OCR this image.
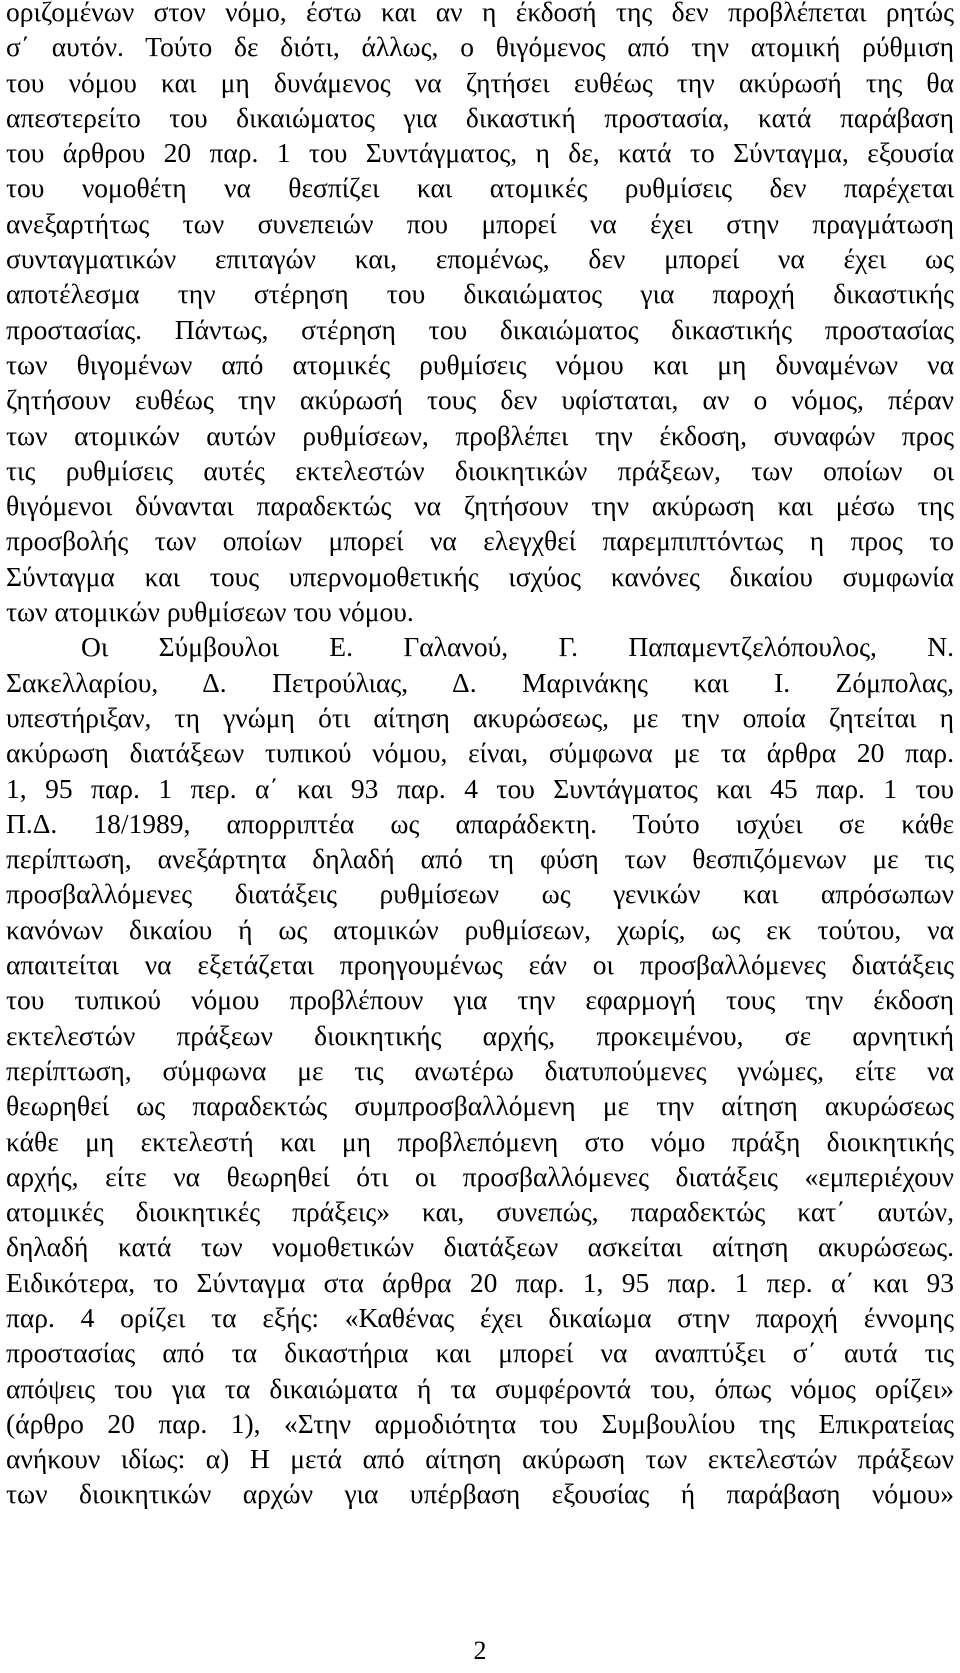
οριζομένων στον νόμο, έστω και αν η έκδοσή της δεν προβλέπεται ρητώς
σ΄ αυτόν. Τούτο δε διότι, άλλως, ο θιγόμενος από την ατομική ρύθμιση
του νόμου και μη δυνάμενος να ζητήσει ευθέως την ακύρωσή της θα
απεστερείτο του δικαιώματος για δικαστική προστασία, κατά παράβαση
του άρθρου 20 παρ. 1 του Συντάγματος, η δε, κατά το Σύνταγμα, εξουσία
του νομοθέτη να θεσπίζει και ατομικές ρυθμίσεις δεν παρέχεται
ανεξαρτήτως των συνεπειών που μπορεί να έχει στην πραγμάτωση
συνταγματικών επιταγών και, επομένως, δεν μπορεί να έχει ως
αποτέλεσμα την στέρηση του δικαιώματος για παροχή δικαστικής
προστασίας. Πάντως, στέρηση του δικαιώματος δικαστικής προστασίας
των θιγομένων από ατομικές ρυθμίσεις νόμου και μη δυναμένων να
ζητήσουν ευθέως την ακύρωσή τους δεν υφίσταται, αν ο νόμος, πέραν
των ατομικών αυτών ρυθμίσεων, προβλέπει την έκδοση, συναφών προς
τις ρυθμίσεις αυτές εκτελεστών διοικητικών πράξεων, των οποίων οι
θιγόμενοι δύνανται παραδεκτώς να ζητήσουν την ακύρωση και μέσω της
προσβολής των οποίων μπορεί να ελεγχθεί παρεμπιπτόντως η προς το
Σύνταγμα και τους υπερνομοθετικής ισχύος κανόνες δικαίου συμφωνία
των ατομικών ρυθμίσεων του νόμου.
Οι Σύμβουλοι Ε. Γαλανού, Γ. Παπαμεντζελόπουλος, Ν.
Σακελλαρίου, Δ. Πετρούλιας, Δ. Μαρινάκης και Ι. Ζόμπολας,
υπεστήριξαν, τη γνώμη ότι αίτηση ακυρώσεως, με την οποία ζητείται η
ακύρωση διατάξεων τυπικού νόμου, είναι, σύμφωνα με τα άρθρα 20 παρ.
1, 95 παρ. 1 περ. α΄ και 93 παρ. 4 του Συντάγματος και 45 παρ. 1 του
Π.Δ. 18/1989, απορριπτέα ως απαράδεκτη. Τούτο ισχύει σε κάθε
περίπτωση, ανεξάρτητα δηλαδή από τη φύση των θεσπιζόμενων με τις
προσβαλλόμενες διατάξεις ρυθμίσεων ως γενικών και απρόσωπων
κανόνων δικαίου ή ως ατομικών ρυθμίσεων, χωρίς, ως εκ τούτου, να
απαιτείται να εξετάζεται προηγουμένως εάν οι προσβαλλόμενες διατάξεις
του τυπικού νόμου προβλέπουν για την εφαρμογή τους την έκδοση
εκτελεστών πράξεων διοικητικής αρχής, προκειμένου, σε αρνητική
περίπτωση, σύμφωνα με τις ανωτέρω διατυπούμενες γνώμες, είτε να
θεωρηθεί ως παραδεκτώς συμπροσβαλλόμενη με την αίτηση ακυρώσεως
κάθε μη εκτελεστή και μη προβλεπόμενη στο νόμο πράξη διοικητικής
αρχής, είτε να θεωρηθεί ότι οι προσβαλλόμενες διατάξεις «εμπεριέχουν
ατομικές διοικητικές πράξεις» και, συνεπώς, παραδεκτώς κατ΄ αυτών,
δηλαδή κατά των νομοθετικών διατάξεων ασκείται αίτηση ακυρώσεως.
Ειδικότερα, το Σύνταγμα στα άρθρα 20 παρ. 1, 95 παρ. 1 περ. α΄ και 93
παρ. 4 ορίζει τα εξής: «Καθένας έχει δικαίωμα στην παροχή έννομης
προστασίας από τα δικαστήρια και μπορεί να αναπτύξει σ΄ αυτά τις
απόψεις του για τα δικαιώματα ή τα συμφέροντά του, όπως νόμος ορίζει»
(άρθρο 20 παρ. 1), «Στην αρμοδιότητα του Συμβουλίου της Επικρατείας
ανήκουν ιδίως: α) Η μετά από αίτηση ακύρωση των εκτελεστών πράξεων
των διοικητικών αρχών για υπέρβαση εξουσίας ή παράβαση νόμου»
2
